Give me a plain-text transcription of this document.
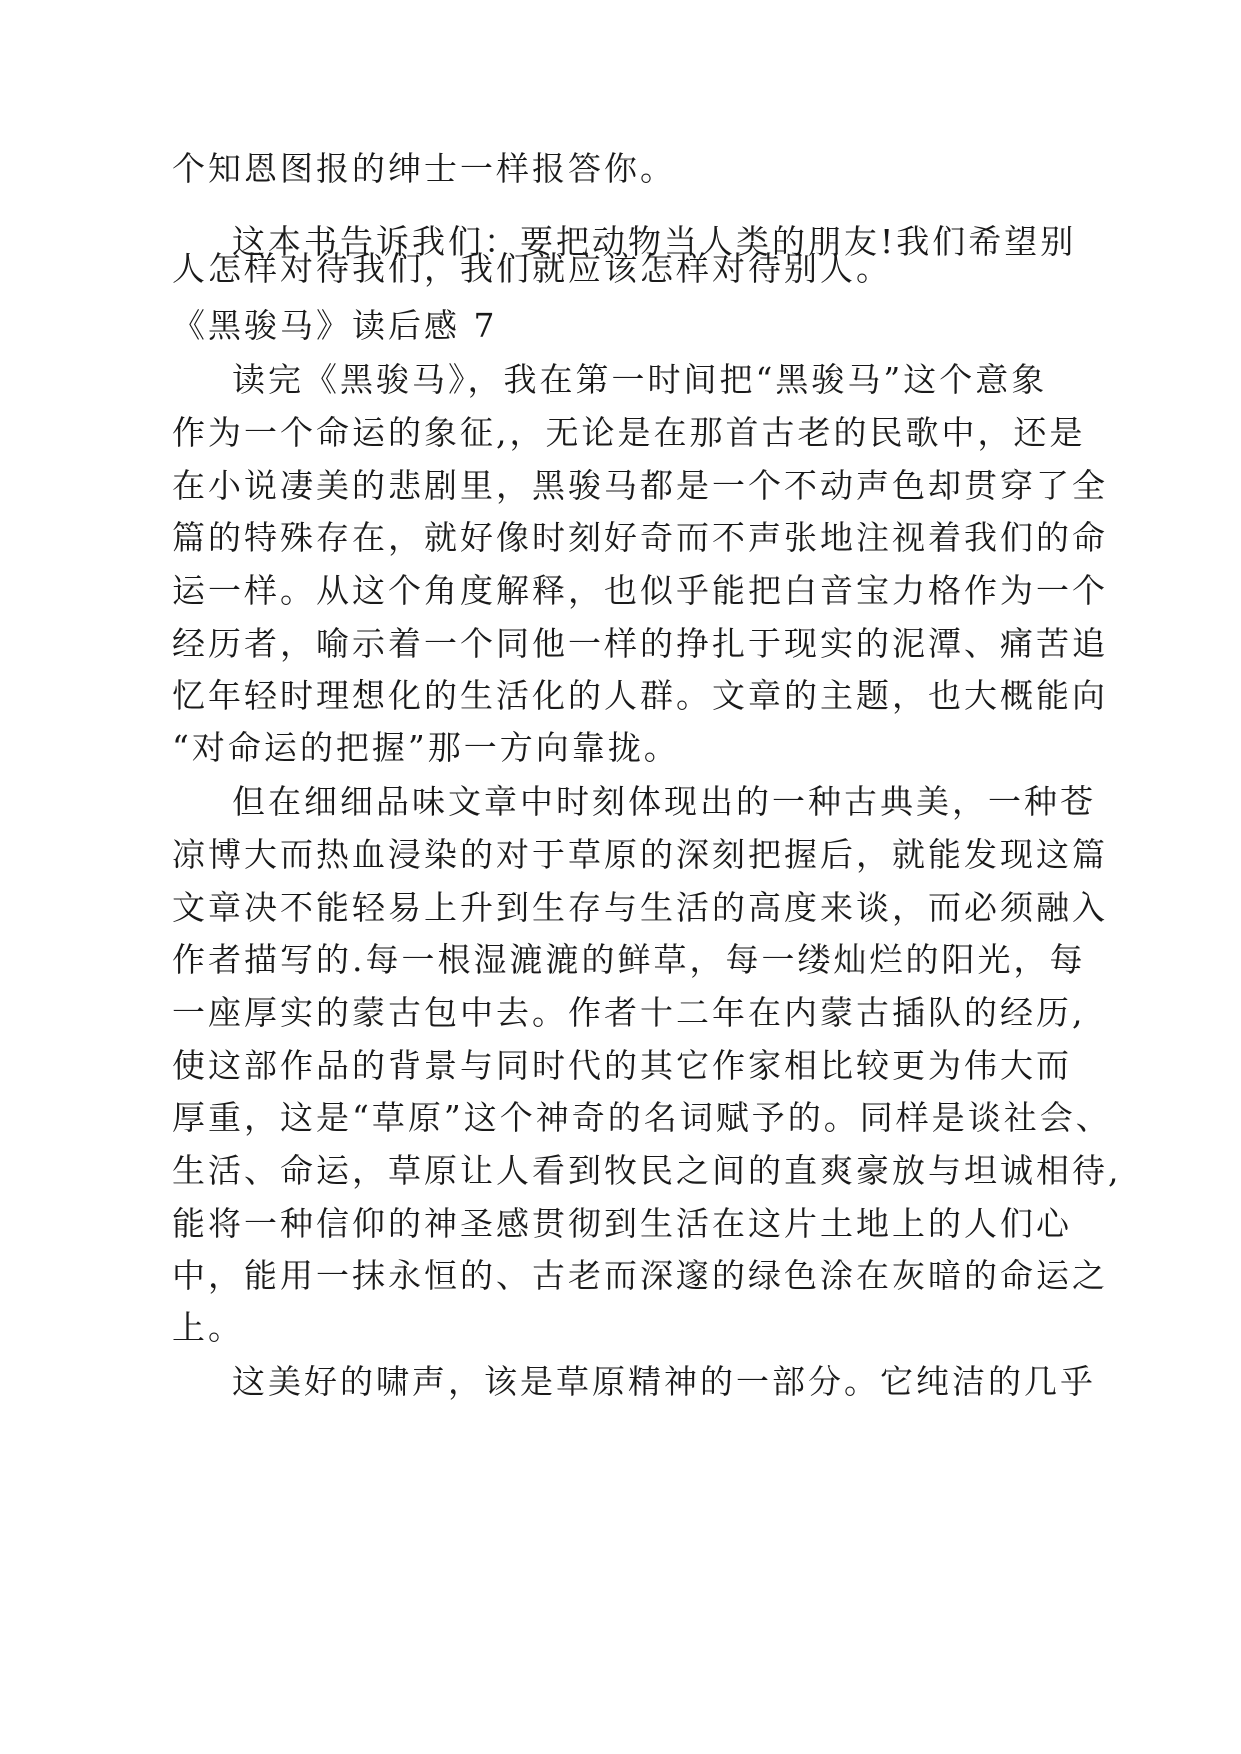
个知恩图报的绅士一样报答你。
这本书告诉我们：要把动物当人类的朋友!我们希望别
人怎样对待我们，我们就应该怎样对待别人。
《黑骏马》读后感 7
读完《黑骏马》，我在第一时间把“黑骏马”这个意象
作为一个命运的象征,，无论是在那首古老的民歌中，还是
在小说凄美的悲剧里，黑骏马都是一个不动声色却贯穿了全
篇的特殊存在，就好像时刻好奇而不声张地注视着我们的命
运一样。从这个角度解释，也似乎能把白音宝力格作为一个
经历者，喻示着一个同他一样的挣扎于现实的泥潭、痛苦追
忆年轻时理想化的生活化的人群。文章的主题，也大概能向
“对命运的把握”那一方向靠拢。
但在细细品味文章中时刻体现出的一种古典美，一种苍
凉博大而热血浸染的对于草原的深刻把握后，就能发现这篇
文章决不能轻易上升到生存与生活的高度来谈，而必须融入
作者描写的.每一根湿漉漉的鲜草，每一缕灿烂的阳光，每
一座厚实的蒙古包中去。作者十二年在内蒙古插队的经历,
使这部作品的背景与同时代的其它作家相比较更为伟大而
厚重，这是“草原”这个神奇的名词赋予的。同样是谈社会、
生活、命运，草原让人看到牧民之间的直爽豪放与坦诚相待,
能将一种信仰的神圣感贯彻到生活在这片土地上的人们心
中，能用一抹永恒的、古老而深邃的绿色涂在灰暗的命运之
上。
这美好的啸声，该是草原精神的一部分。它纯洁的几乎
